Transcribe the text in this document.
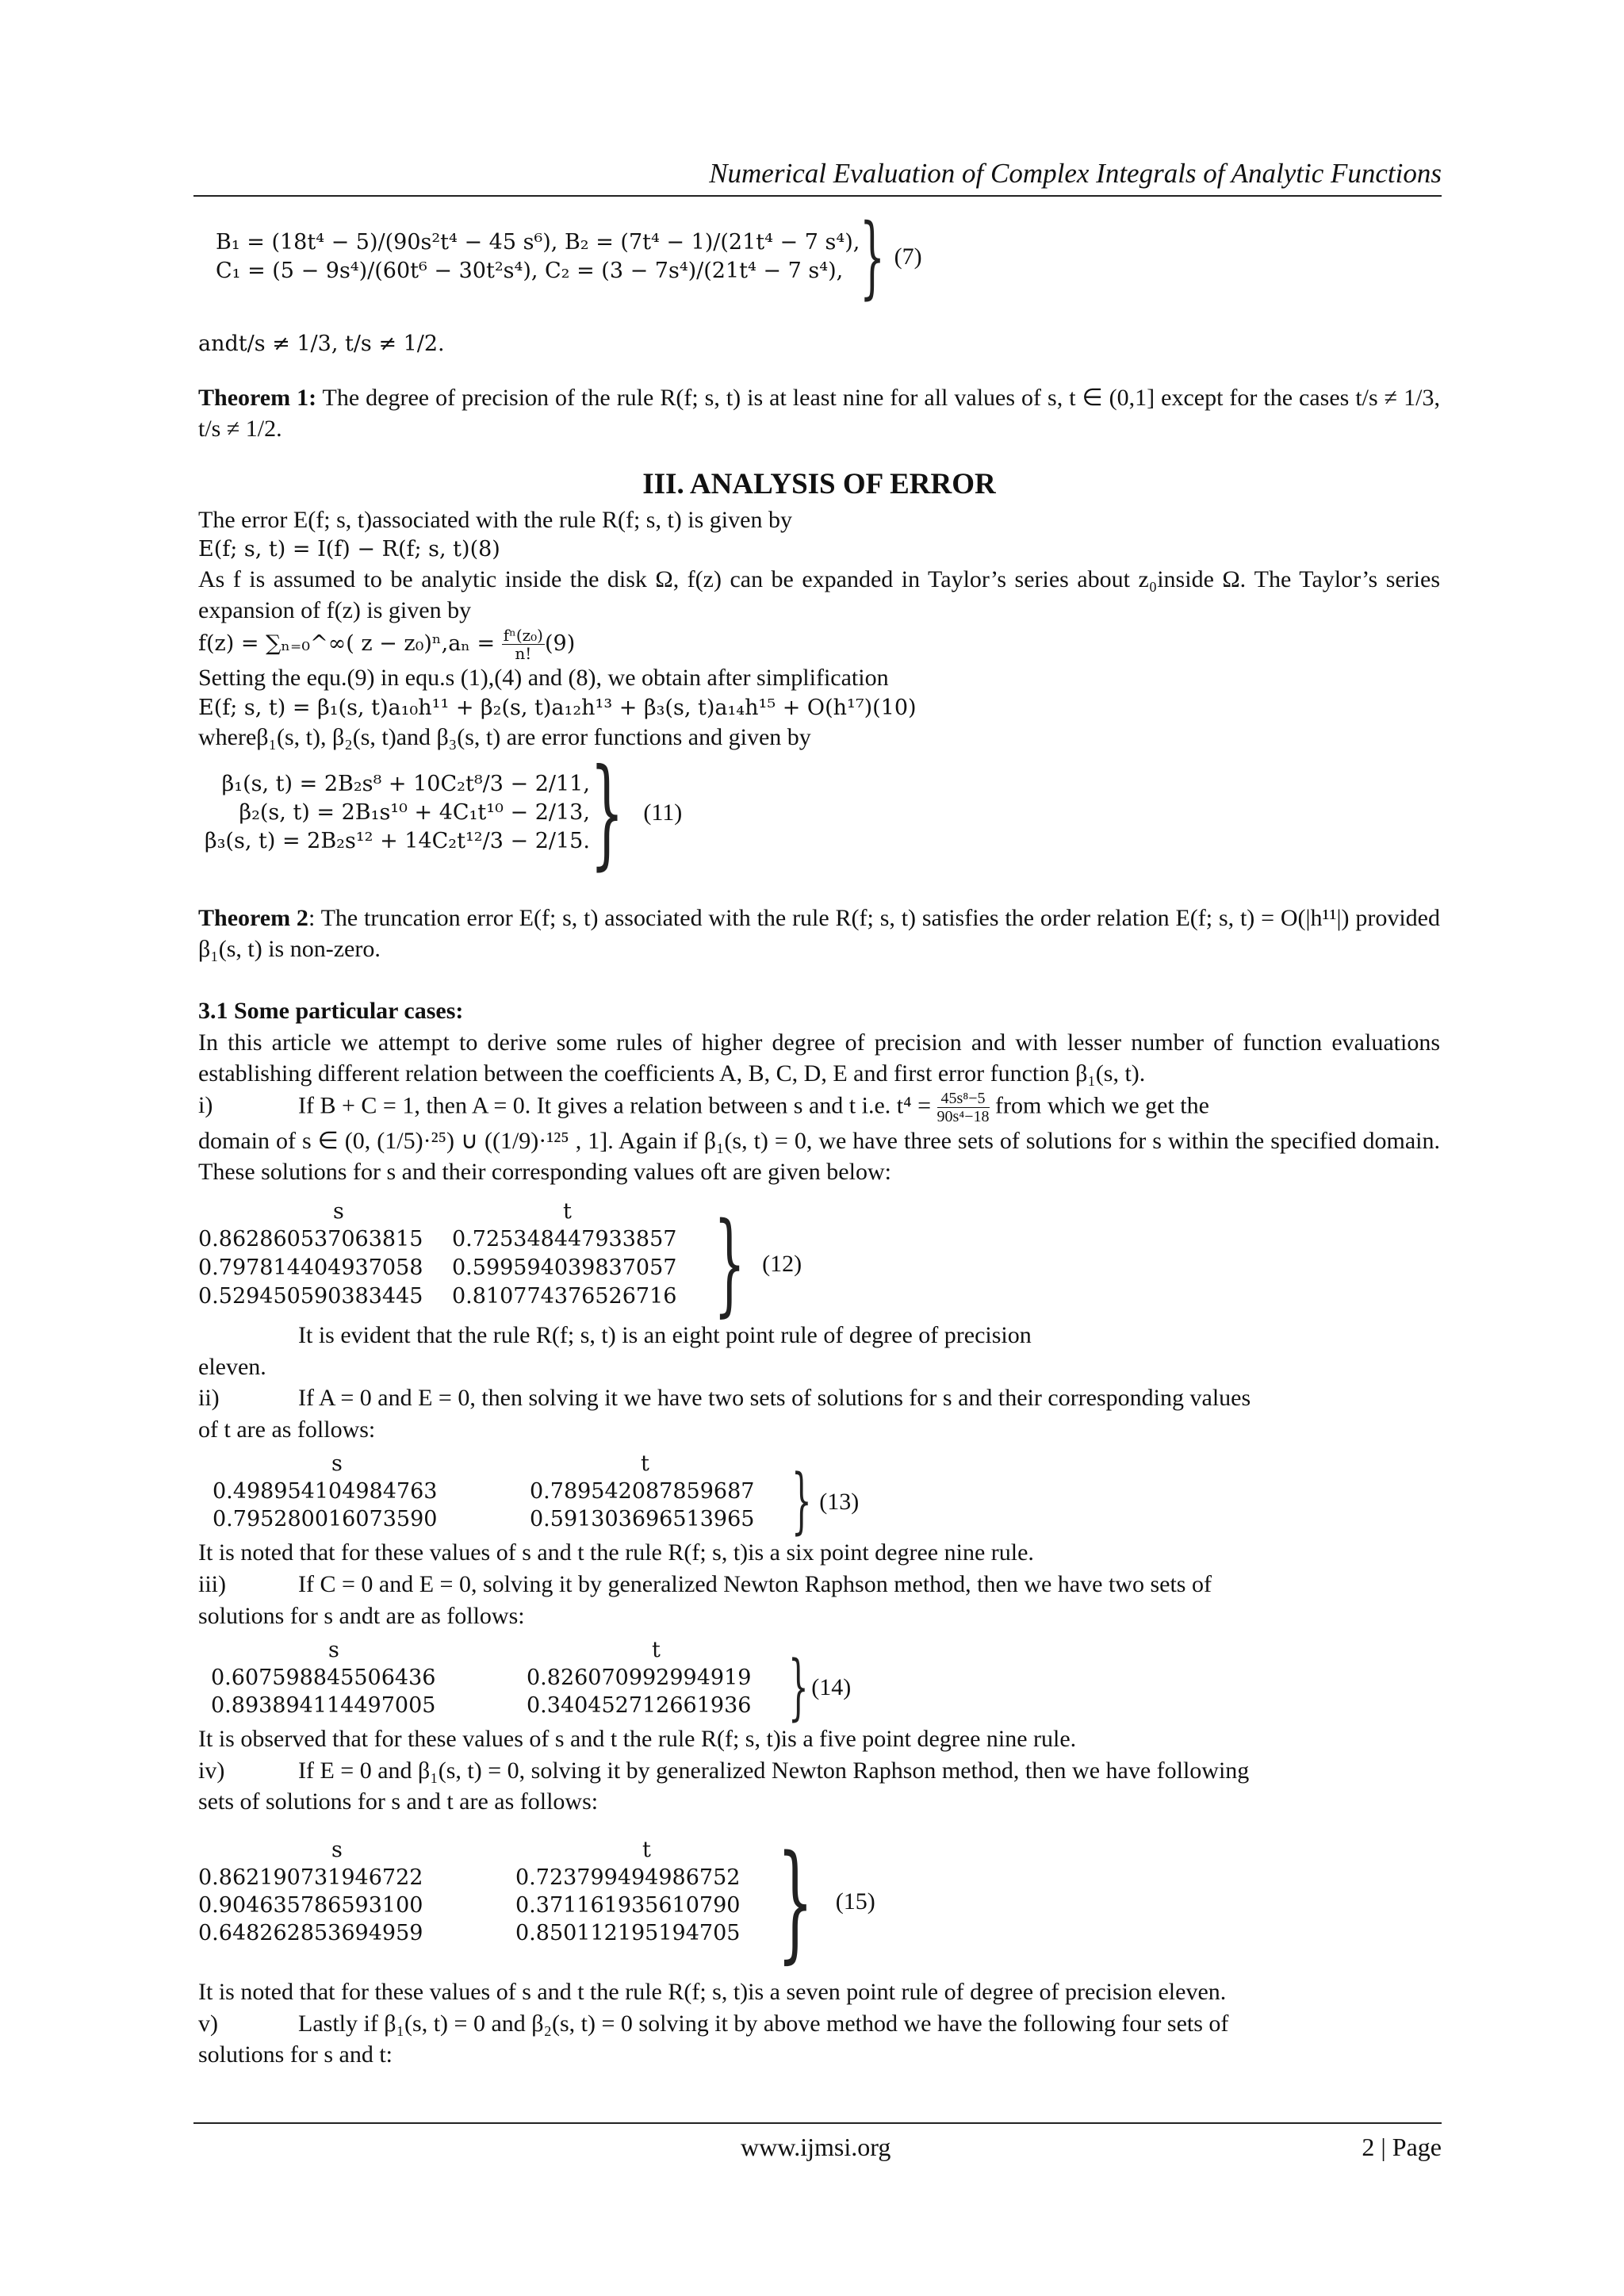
Numerical Evaluation of Complex Integrals of Analytic Functions
B₁ = (18t⁴ − 5)/(90s²t⁴ − 45 s⁶), B₂ = (7t⁴ − 1)/(21t⁴ − 7 s⁴),
C₁ = (5 − 9s⁴)/(60t⁶ − 30t²s⁴), C₂ = (3 − 7s⁴)/(21t⁴ − 7 s⁴), } (7)

andt/s ≠ 1/3, t/s ≠ 1/2.

Theorem 1: The degree of precision of the rule R(f; s, t) is at least nine for all values of s, t ∈ (0,1] except for the cases t/s ≠ 1/3, t/s ≠ 1/2.

III. ANALYSIS OF ERROR

The error E(f; s, t)associated with the rule R(f; s, t) is given by

E(f; s, t) = I(f) − R(f; s, t)(8)

As f is assumed to be analytic inside the disk Ω, f(z) can be expanded in Taylor’s series about z₀inside Ω. The Taylor’s series expansion of f(z) is given by

f(z) = ∑ₙ₌₀^∞( $z - z_0)^n,a_n = \frac{\text{fⁿ(z₀)}}{n!} (9)$

Setting the equ.(9) in equ.s (1),(4) and (8), we obtain after simplification

E(f; s, t) = β₁(s, t)a₁₀h¹¹ + β₂(s, t)a₁₂h¹³ + β₃(s, t)a₁₄h¹⁵ + O(h¹⁷)(10)

whereβ₁(s, t), β₂(s, t)and β₃(s, t) are error functions and given by

β₁(s, t) = 2B₂s⁸ + 10C₂t⁸/3 − 2/11,
β₂(s, t) = 2B₁s¹⁰ + 4C₁t¹⁰ − 2/13,
β₃(s, t) = 2B₂s¹² + 14C₂t¹²/3 − 2/15. } (11)

Theorem 2: The truncation error E(f; s, t) associated with the rule R(f; s, t) satisfies the order relation E(f; s, t) = O(|h¹¹|) provided β₁(s, t) is non-zero.

3.1 Some particular cases:

In this article we attempt to derive some rules of higher degree of precision and with lesser number of function evaluations establishing different relation between the coefficients A, B, C, D, E and first error function β₁(s, t).

i)	If B + C = 1, then A = 0. It gives a relation between s and t i.e. $t^4 = \frac{\text{45s⁸−5}}{\text{90s⁴−18}}$ from which we get the

domain of s ∈ (0, (1/5)·²⁵) ∪ ((1/9)·¹²⁵ , 1]. Again if β₁(s, t) = 0, we have three sets of solutions for s within the specified domain. These solutions for s and their corresponding values oft are given below:

s	t
0.862860537063815	0.725348447933857
0.797814404937058	0.599594039837057
0.529450590383445	0.810774376526716 } (12)

It is evident that the rule R(f; s, t) is an eight point rule of degree of precision

eleven.

ii)	If A = 0 and E = 0, then solving it we have two sets of solutions for s and their corresponding values

of t are as follows:

s	t
0.498954104984763	0.789542087859687
0.795280016073590	0.591303696513965 } (13)

It is noted that for these values of s and t the rule R(f; s, t)is a six point degree nine rule.

iii)	If C = 0 and E = 0, solving it by generalized Newton Raphson method, then we have two sets of

solutions for s andt are as follows:

s	t
0.607598845506436	0.826070992994919
0.893894114497005	0.340452712661936 } (14)

It is observed that for these values of s and t the rule R(f; s, t)is a five point degree nine rule.

iv)	If E = 0 and β₁(s, t) = 0, solving it by generalized Newton Raphson method, then we have following

sets of solutions for s and t are as follows:

s	t
0.862190731946722	0.723799494986752
0.904635786593100	0.371161935610790
0.648262853694959	0.850112195194705 } (15)

It is noted that for these values of s and t the rule R(f; s, t)is a seven point rule of degree of precision eleven.

v)	Lastly if β₁(s, t) = 0 and β₂(s, t) = 0 solving it by above method we have the following four sets of

solutions for s and t:

www.ijmsi.org	2 | Page
